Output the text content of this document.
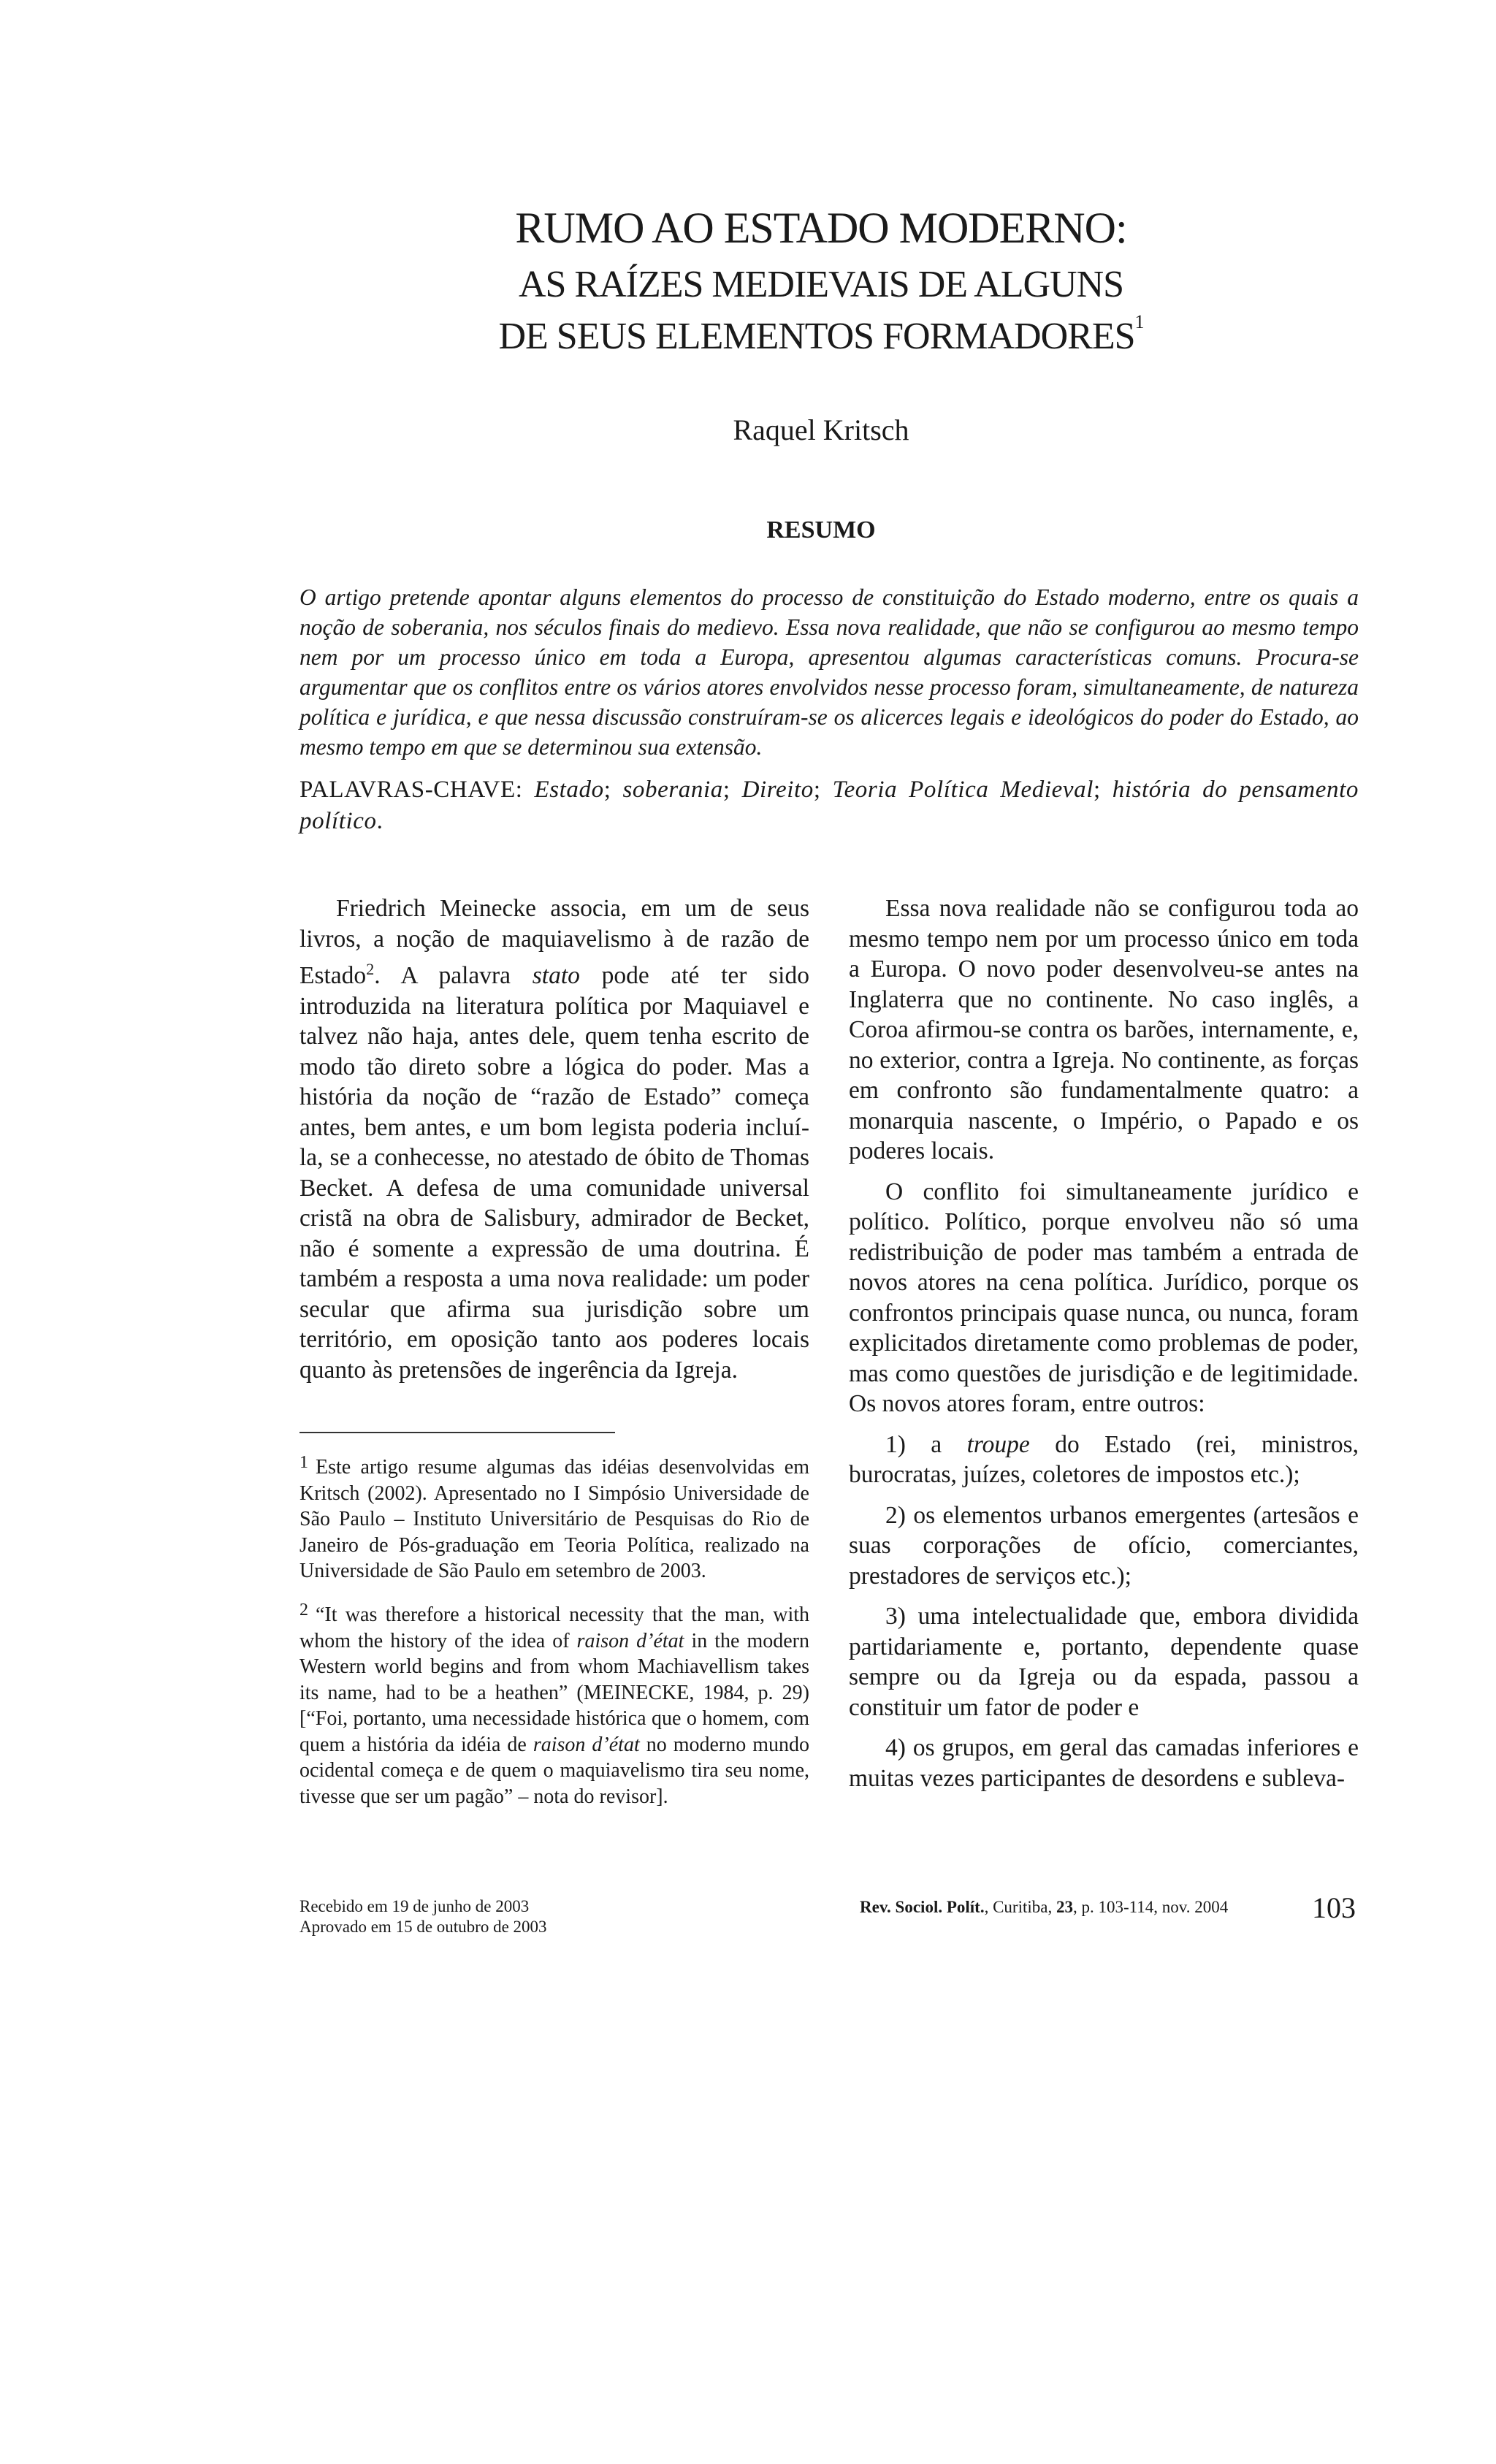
RUMO AO ESTADO MODERNO:
AS RAÍZES MEDIEVAIS DE ALGUNS
DE SEUS ELEMENTOS FORMADORES$^1$
Raquel Kritsch
RESUMO
O artigo pretende apontar alguns elementos do processo de constituição do Estado moderno, entre os quais a noção de soberania, nos séculos finais do medievo. Essa nova realidade, que não se configurou ao mesmo tempo nem por um processo único em toda a Europa, apresentou algumas características comuns. Procura-se argumentar que os conflitos entre os vários atores envolvidos nesse processo foram, simultaneamente, de natureza política e jurídica, e que nessa discussão construíram-se os alicerces legais e ideológicos do poder do Estado, ao mesmo tempo em que se determinou sua extensão.
PALAVRAS-CHAVE: Estado; soberania; Direito; Teoria Política Medieval; história do pensamento político.

Friedrich Meinecke associa, em um de seus livros, a noção de maquiavelismo à de razão de Estado$^2$. A palavra stato pode até ter sido introduzida na literatura política por Maquiavel e talvez não haja, antes dele, quem tenha escrito de modo tão direto sobre a lógica do poder. Mas a história da noção de “razão de Estado” começa antes, bem antes, e um bom legista poderia incluí-la, se a conhecesse, no atestado de óbito de Thomas Becket. A defesa de uma comunidade universal cristã na obra de Salisbury, admirador de Becket, não é somente a expressão de uma doutrina. É também a resposta a uma nova realidade: um poder secular que afirma sua jurisdição sobre um território, em oposição tanto aos poderes locais quanto às pretensões de ingerência da Igreja.

1 Este artigo resume algumas das idéias desenvolvidas em Kritsch (2002). Apresentado no I Simpósio Universidade de São Paulo – Instituto Universitário de Pesquisas do Rio de Janeiro de Pós-graduação em Teoria Política, realizado na Universidade de São Paulo em setembro de 2003.
2 “It was therefore a historical necessity that the man, with whom the history of the idea of raison d’état in the modern Western world begins and from whom Machiavellism takes its name, had to be a heathen” (MEINECKE, 1984, p. 29) [“Foi, portanto, uma necessidade histórica que o homem, com quem a história da idéia de raison d’état no moderno mundo ocidental começa e de quem o maquiavelismo tira seu nome, tivesse que ser um pagão” – nota do revisor].

Essa nova realidade não se configurou toda ao mesmo tempo nem por um processo único em toda a Europa. O novo poder desenvolveu-se antes na Inglaterra que no continente. No caso inglês, a Coroa afirmou-se contra os barões, internamente, e, no exterior, contra a Igreja. No continente, as forças em confronto são fundamentalmente quatro: a monarquia nascente, o Império, o Papado e os poderes locais.

O conflito foi simultaneamente jurídico e político. Político, porque envolveu não só uma redistribuição de poder mas também a entrada de novos atores na cena política. Jurídico, porque os confrontos principais quase nunca, ou nunca, foram explicitados diretamente como problemas de poder, mas como questões de jurisdição e de legitimidade. Os novos atores foram, entre outros:

1) a troupe do Estado (rei, ministros, burocratas, juízes, coletores de impostos etc.);

2) os elementos urbanos emergentes (artesãos e suas corporações de ofício, comerciantes, prestadores de serviços etc.);

3) uma intelectualidade que, embora dividida partidariamente e, portanto, dependente quase sempre ou da Igreja ou da espada, passou a constituir um fator de poder e

4) os grupos, em geral das camadas inferiores e muitas vezes participantes de desordens e subleva-

Recebido em 19 de junho de 2003
Aprovado em 15 de outubro de 2003
Rev. Sociol. Polít., Curitiba, 23, p. 103-114, nov. 2004	103
